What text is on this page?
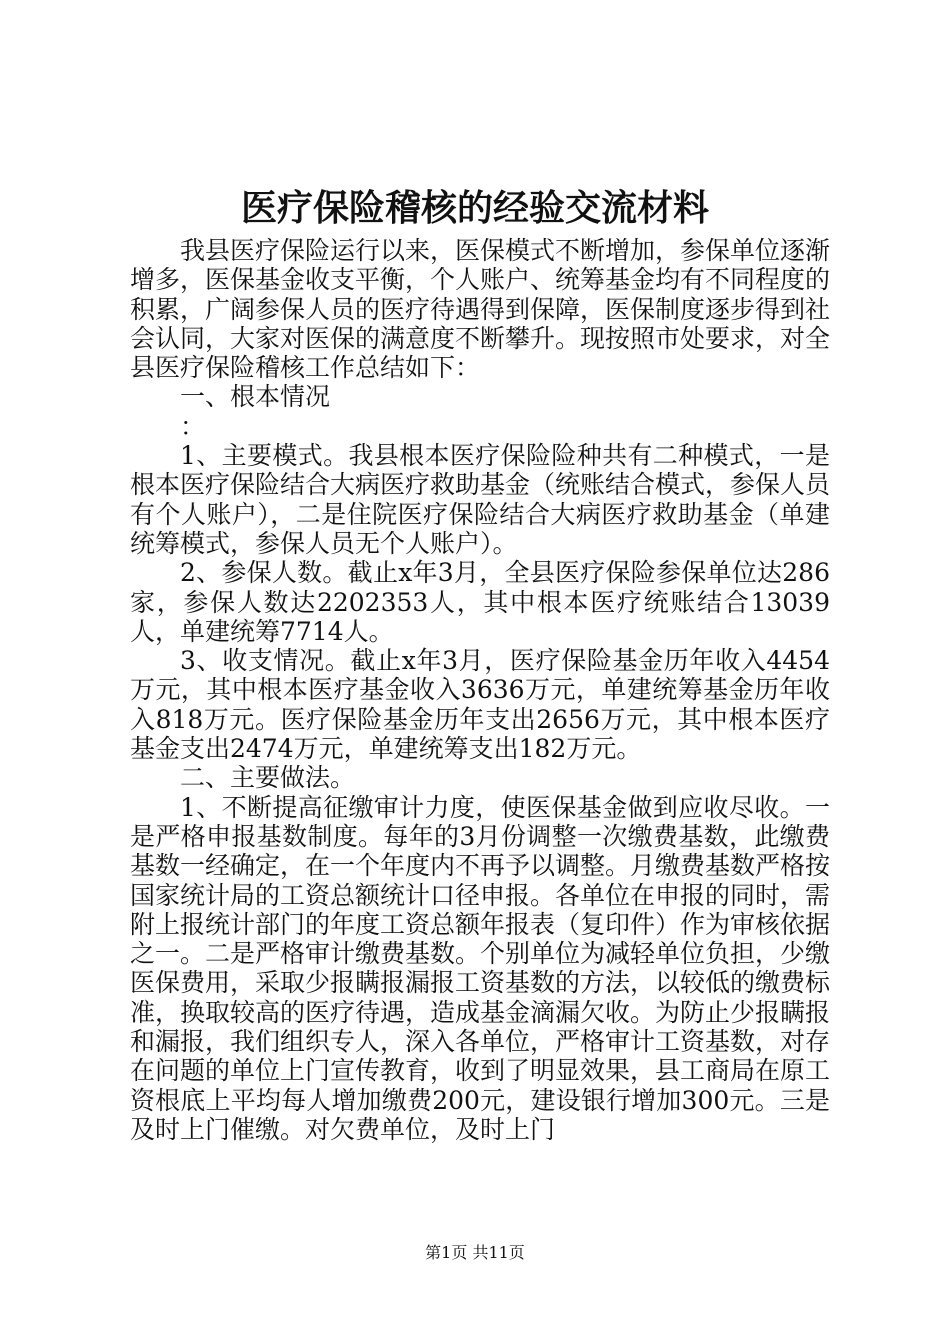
医疗保险稽核的经验交流材料

我县医疗保险运行以来，医保模式不断增加，参保单位逐渐增多，医保基金收支平衡，个人账户、统筹基金均有不同程度的积累，广阔参保人员的医疗待遇得到保障，医保制度逐步得到社会认同，大家对医保的满意度不断攀升。现按照市处要求，对全县医疗保险稽核工作总结如下：

一、根本情况

：

1、主要模式。我县根本医疗保险险种共有二种模式，一是根本医疗保险结合大病医疗救助基金（统账结合模式，参保人员有个人账户），二是住院医疗保险结合大病医疗救助基金（单建统筹模式，参保人员无个人账户）。

2、参保人数。截止x年3月，全县医疗保险参保单位达286家，参保人数达2202353人，其中根本医疗统账结合13039人，单建统筹7714人。

3、收支情况。截止x年3月，医疗保险基金历年收入4454万元，其中根本医疗基金收入3636万元，单建统筹基金历年收入818万元。医疗保险基金历年支出2656万元，其中根本医疗基金支出2474万元，单建统筹支出182万元。

二、主要做法。

1、不断提高征缴审计力度，使医保基金做到应收尽收。一是严格申报基数制度。每年的3月份调整一次缴费基数，此缴费基数一经确定，在一个年度内不再予以调整。月缴费基数严格按国家统计局的工资总额统计口径申报。各单位在申报的同时，需附上报统计部门的年度工资总额年报表（复印件）作为审核依据之一。二是严格审计缴费基数。个别单位为减轻单位负担，少缴医保费用，采取少报瞒报漏报工资基数的方法，以较低的缴费标准，换取较高的医疗待遇，造成基金滴漏欠收。为防止少报瞒报和漏报，我们组织专人，深入各单位，严格审计工资基数，对存在问题的单位上门宣传教育，收到了明显效果，县工商局在原工资根底上平均每人增加缴费200元，建设银行增加300元。三是及时上门催缴。对欠费单位，及时上门

第1页 共11页
